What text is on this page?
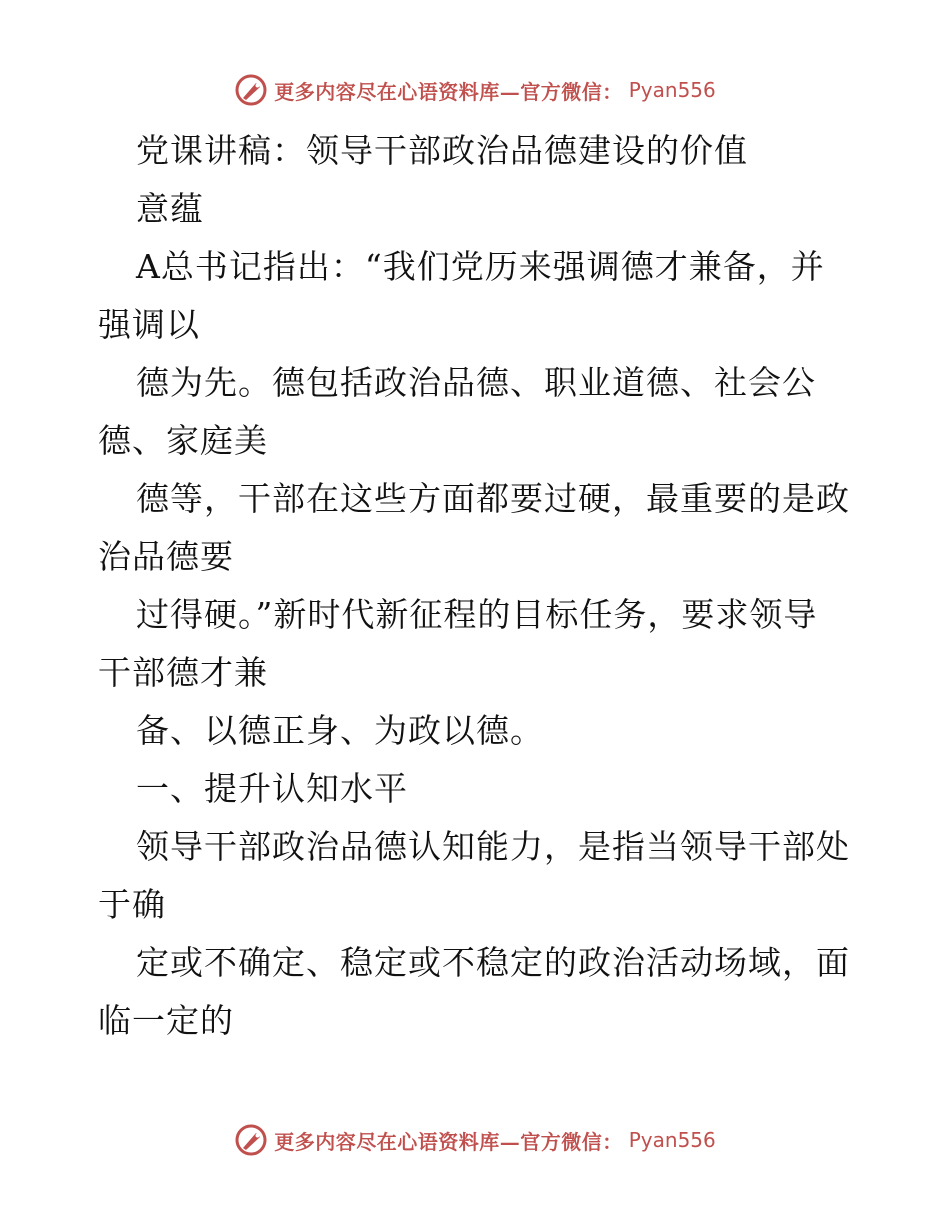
更多内容尽在心语资料库—官方微信： Pyan556
党课讲稿：领导干部政治品德建设的价值
意蕴
A总书记指出：“我们党历来强调德才兼备，并
强调以
德为先。德包括政治品德、职业道德、社会公
德、家庭美
德等，干部在这些方面都要过硬，最重要的是政
治品德要
过得硬。”新时代新征程的目标任务，要求领导
干部德才兼
备、以德正身、为政以德。
一、提升认知水平
领导干部政治品德认知能力，是指当领导干部处
于确
定或不确定、稳定或不稳定的政治活动场域，面
临一定的
更多内容尽在心语资料库—官方微信： Pyan556
